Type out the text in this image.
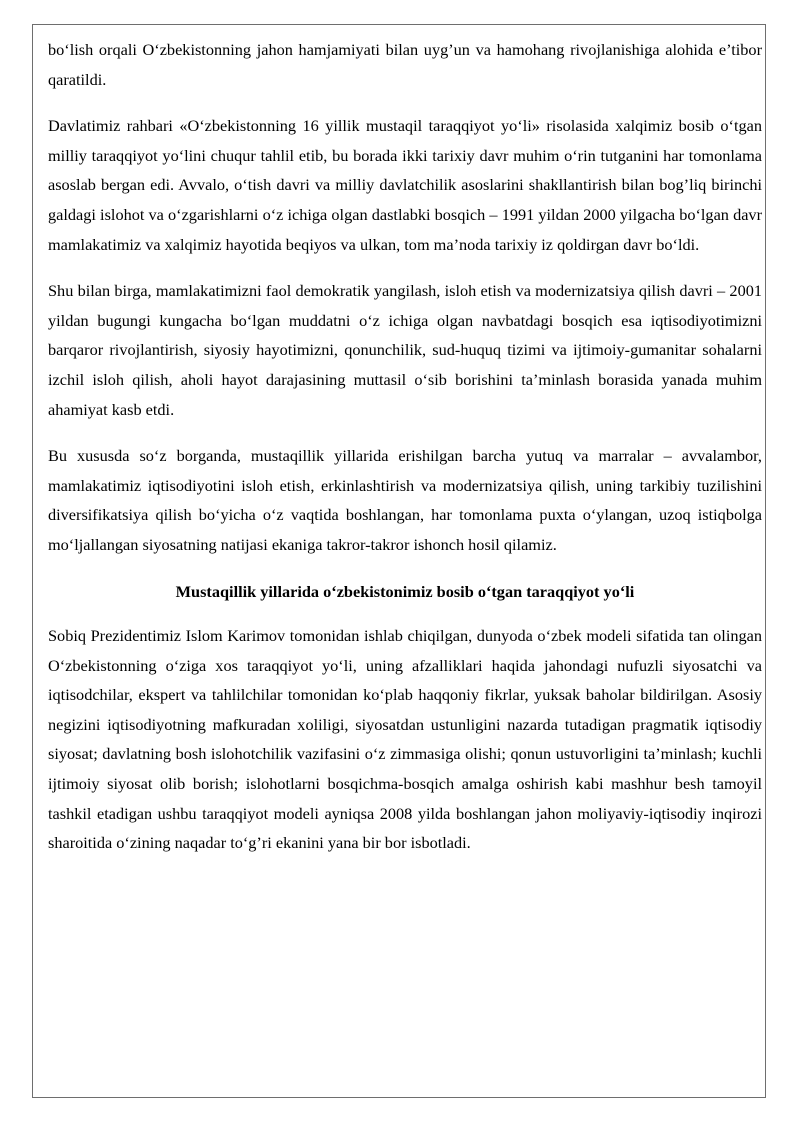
bo‘lish orqali O‘zbekistonning jahon hamjamiyati bilan uyg’un va hamohang rivojlanishiga alohida e’tibor qaratildi.

Davlatimiz rahbari «O‘zbekistonning 16 yillik mustaqil taraqqiyot yo‘li» risolasida xalqimiz bosib o‘tgan milliy taraqqiyot yo‘lini chuqur tahlil etib, bu borada ikki tarixiy davr muhim o‘rin tutganini har tomonlama asoslab bergan edi. Avvalo, o‘tish davri va milliy davlatchilik asoslarini shakllantirish bilan bog’liq birinchi galdagi islohot va o‘zgarishlarni o‘z ichiga olgan dastlabki bosqich – 1991 yildan 2000 yilgacha bo‘lgan davr mamlakatimiz va xalqimiz hayotida beqiyos va ulkan, tom ma’noda tarixiy iz qoldirgan davr bo‘ldi.

Shu bilan birga, mamlakatimizni faol demokratik yangilash, isloh etish va modernizatsiya qilish davri – 2001 yildan bugungi kungacha bo‘lgan muddatni o‘z ichiga olgan navbatdagi bosqich esa iqtisodiyotimizni barqaror rivojlantirish, siyosiy hayotimizni, qonunchilik, sud-huquq tizimi va ijtimoiy-gumanitar sohalarni izchil isloh qilish, aholi hayot darajasining muttasil o‘sib borishini ta’minlash borasida yanada muhim ahamiyat kasb etdi.

Bu xususda so‘z borganda, mustaqillik yillarida erishilgan barcha yutuq va marralar – avvalambor, mamlakatimiz iqtisodiyotini isloh etish, erkinlashtirish va modernizatsiya qilish, uning tarkibiy tuzilishini diversifikatsiya qilish bo‘yicha o‘z vaqtida boshlangan, har tomonlama puxta o‘ylangan, uzoq istiqbolga mo‘ljallangan siyosatning natijasi ekaniga takror-takror ishonch hosil qilamiz.

Mustaqillik yillarida o‘zbekistonimiz bosib o‘tgan taraqqiyot yo‘li

Sobiq Prezidentimiz Islom Karimov tomonidan ishlab chiqilgan, dunyoda o‘zbek modeli sifatida tan olingan O‘zbekistonning o‘ziga xos taraqqiyot yo‘li, uning afzalliklari haqida jahondagi nufuzli siyosatchi va iqtisodchilar, ekspert va tahlilchilar tomonidan ko‘plab haqqoniy fikrlar, yuksak baholar bildirilgan. Asosiy negizini iqtisodiyotning mafkuradan xoliligi, siyosatdan ustunligini nazarda tutadigan pragmatik iqtisodiy siyosat; davlatning bosh islohotchilik vazifasini o‘z zimmasiga olishi; qonun ustuvorligini ta’minlash; kuchli ijtimoiy siyosat olib borish; islohotlarni bosqichma-bosqich amalga oshirish kabi mashhur besh tamoyil tashkil etadigan ushbu taraqqiyot modeli ayniqsa 2008 yilda boshlangan jahon moliyaviy-iqtisodiy inqirozi sharoitida o‘zining naqadar to‘g’ri ekanini yana bir bor isbotladi.
